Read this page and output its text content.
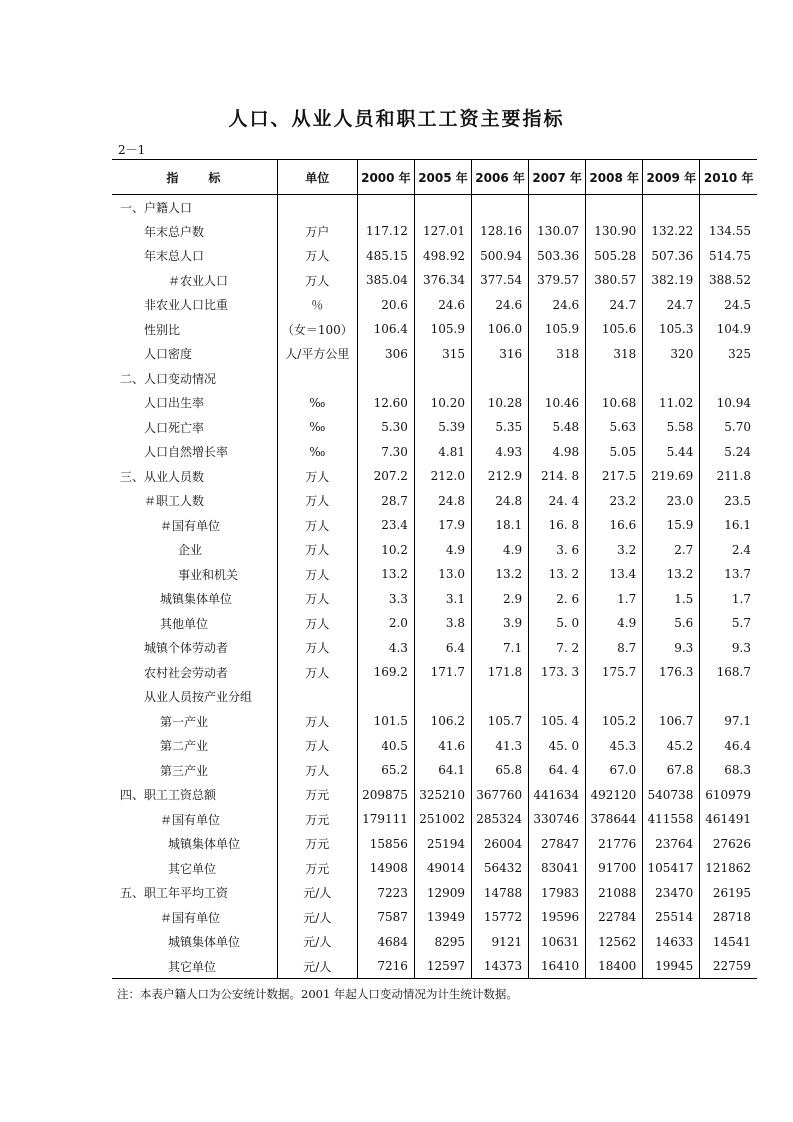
人口、从业人员和职工工资主要指标
2－1
指　　标	单位	2000 年	2005 年	2006 年	2007 年	2008 年	2009 年	2010 年
一、户籍人口								
年末总户数	万户	117.12	127.01	128.16	130.07	130.90	132.22	134.55
年末总人口	万人	485.15	498.92	500.94	503.36	505.28	507.36	514.75
＃农业人口	万人	385.04	376.34	377.54	379.57	380.57	382.19	388.52
非农业人口比重	％	20.6	24.6	24.6	24.6	24.7	24.7	24.5
性别比	（女＝100）	106.4	105.9	106.0	105.9	105.6	105.3	104.9
人口密度	人/平方公里	306	315	316	318	318	320	325
二、人口变动情况								
人口出生率	‰	12.60	10.20	10.28	10.46	10.68	11.02	10.94
人口死亡率	‰	5.30	5.39	5.35	5.48	5.63	5.58	5.70
人口自然增长率	‰	7.30	4.81	4.93	4.98	5.05	5.44	5.24
三、从业人员数	万人	207.2	212.0	212.9	214. 8	217.5	219.69	211.8
＃职工人数	万人	28.7	24.8	24.8	24. 4	23.2	23.0	23.5
＃国有单位	万人	23.4	17.9	18.1	16. 8	16.6	15.9	16.1
企业	万人	10.2	4.9	4.9	3. 6	3.2	2.7	2.4
事业和机关	万人	13.2	13.0	13.2	13. 2	13.4	13.2	13.7
城镇集体单位	万人	3.3	3.1	2.9	2. 6	1.7	1.5	1.7
其他单位	万人	2.0	3.8	3.9	5. 0	4.9	5.6	5.7
城镇个体劳动者	万人	4.3	6.4	7.1	7. 2	8.7	9.3	9.3
农村社会劳动者	万人	169.2	171.7	171.8	173. 3	175.7	176.3	168.7
从业人员按产业分组								
第一产业	万人	101.5	106.2	105.7	105. 4	105.2	106.7	97.1
第二产业	万人	40.5	41.6	41.3	45. 0	45.3	45.2	46.4
第三产业	万人	65.2	64.1	65.8	64. 4	67.0	67.8	68.3
四、职工工资总额	万元	209875	325210	367760	441634	492120	540738	610979
＃国有单位	万元	179111	251002	285324	330746	378644	411558	461491
城镇集体单位	万元	15856	25194	26004	27847	21776	23764	27626
其它单位	万元	14908	49014	56432	83041	91700	105417	121862
五、职工年平均工资	元/人	7223	12909	14788	17983	21088	23470	26195
＃国有单位	元/人	7587	13949	15772	19596	22784	25514	28718
城镇集体单位	元/人	4684	8295	9121	10631	12562	14633	14541
其它单位	元/人	7216	12597	14373	16410	18400	19945	22759
注：本表户籍人口为公安统计数据。2001 年起人口变动情况为计生统计数据。
